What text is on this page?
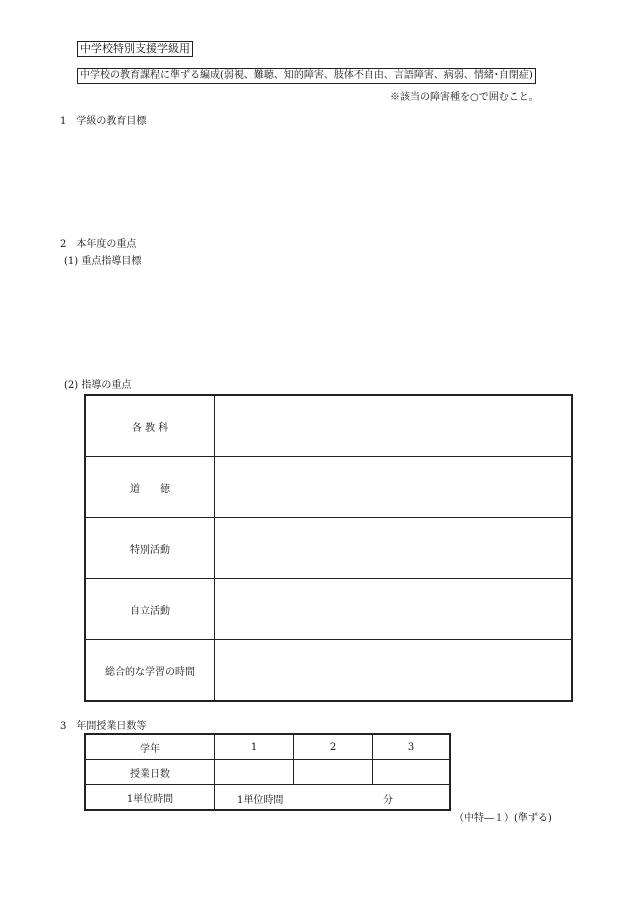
中学校特別支援学級用
中学校の教育課程に準ずる編成(弱視、難聴、知的障害、肢体不自由、言語障害、病弱、情緒･自閉症)
※該当の障害種を○で囲むこと。
1　学級の教育目標
2　本年度の重点
(1) 重点指導目標
(2) 指導の重点
各 教 科	
道　　徳	
特別活動	
自立活動	
総合的な学習の時間	
3　年間授業日数等
学年	1	2	3
授業日数			
1単位時間	1単位時間 分		
（中特―１）(準ずる)
